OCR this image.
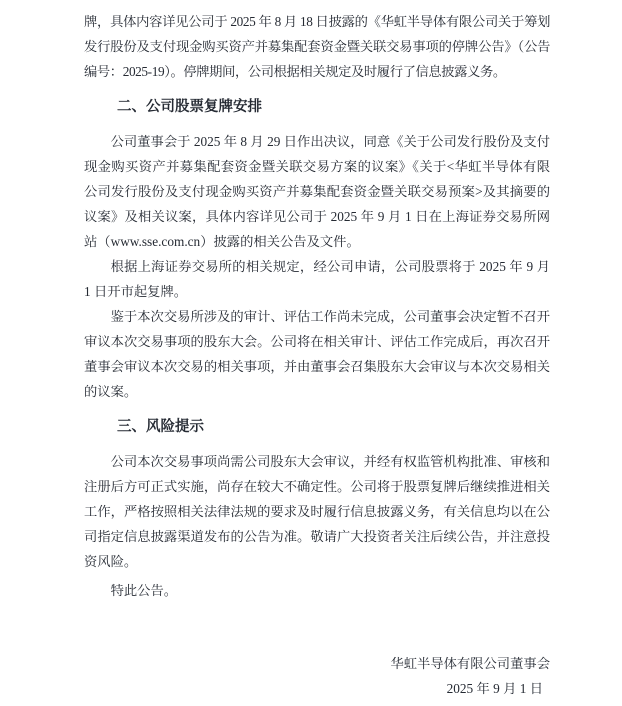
牌，具体内容详见公司于 2025 年 8 月 18 日披露的《华虹半导体有限公司关于筹划发行股份及支付现金购买资产并募集配套资金暨关联交易事项的停牌公告》（公告编号：2025-19）。停牌期间，公司根据相关规定及时履行了信息披露义务。

二、公司股票复牌安排

公司董事会于 2025 年 8 月 29 日作出决议，同意《关于公司发行股份及支付现金购买资产并募集配套资金暨关联交易方案的议案》《关于<华虹半导体有限公司发行股份及支付现金购买资产并募集配套资金暨关联交易预案>及其摘要的议案》及相关议案，具体内容详见公司于 2025 年 9 月 1 日在上海证券交易所网站（www.sse.com.cn）披露的相关公告及文件。

根据上海证券交易所的相关规定，经公司申请，公司股票将于 2025 年 9 月 1 日开市起复牌。

鉴于本次交易所涉及的审计、评估工作尚未完成，公司董事会决定暂不召开审议本次交易事项的股东大会。公司将在相关审计、评估工作完成后，再次召开董事会审议本次交易的相关事项，并由董事会召集股东大会审议与本次交易相关的议案。

三、风险提示

公司本次交易事项尚需公司股东大会审议，并经有权监管机构批准、审核和注册后方可正式实施，尚存在较大不确定性。公司将于股票复牌后继续推进相关工作，严格按照相关法律法规的要求及时履行信息披露义务，有关信息均以在公司指定信息披露渠道发布的公告为准。敬请广大投资者关注后续公告，并注意投资风险。

特此公告。

华虹半导体有限公司董事会
2025 年 9 月 1 日
